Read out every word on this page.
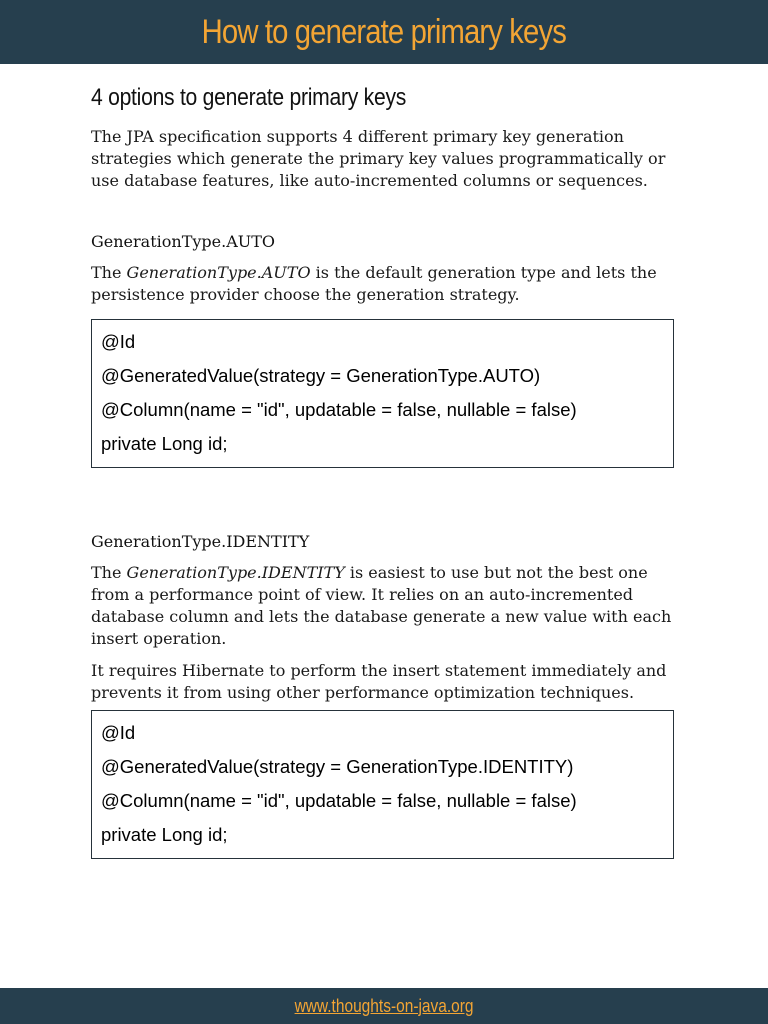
How to generate primary keys
4 options to generate primary keys

The JPA specification supports 4 different primary key generation strategies which generate the primary key values programmatically or use database features, like auto-incremented columns or sequences.

GenerationType.AUTO

The GenerationType.AUTO is the default generation type and lets the persistence provider choose the generation strategy.

@Id
@GeneratedValue(strategy = GenerationType.AUTO)
@Column(name = "id", updatable = false, nullable = false)
private Long id;

GenerationType.IDENTITY

The GenerationType.IDENTITY is easiest to use but not the best one from a performance point of view. It relies on an auto-incremented database column and lets the database generate a new value with each insert operation.

It requires Hibernate to perform the insert statement immediately and prevents it from using other performance optimization techniques.

@Id
@GeneratedValue(strategy = GenerationType.IDENTITY)
@Column(name = "id", updatable = false, nullable = false)
private Long id;
www.thoughts-on-java.org
